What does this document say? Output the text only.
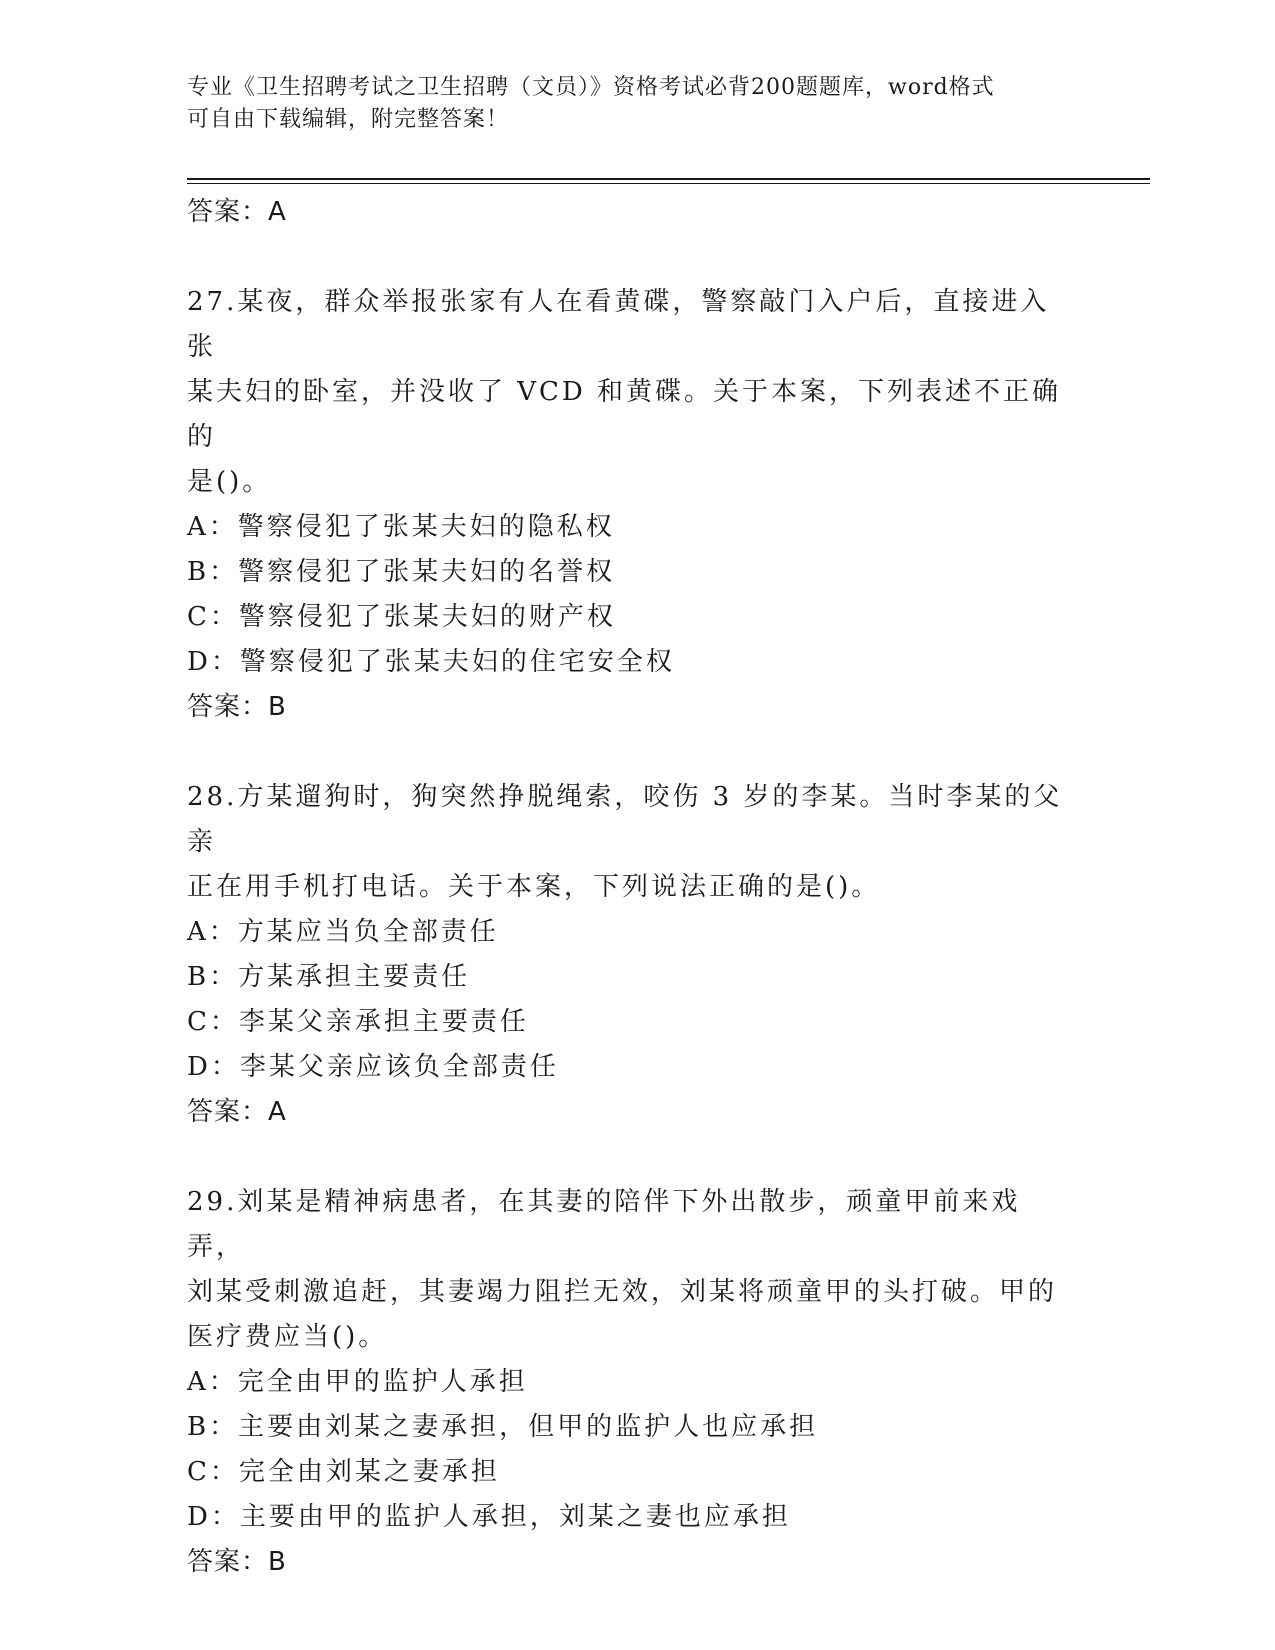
专业《卫生招聘考试之卫生招聘（文员）》资格考试必背200题题库，word格式
可自由下载编辑，附完整答案！
答案：A
27.某夜，群众举报张家有人在看黄碟，警察敲门入户后，直接进入张
某夫妇的卧室，并没收了 VCD 和黄碟。关于本案，下列表述不正确的
是()。
A：警察侵犯了张某夫妇的隐私权
B：警察侵犯了张某夫妇的名誉权
C：警察侵犯了张某夫妇的财产权
D：警察侵犯了张某夫妇的住宅安全权
答案：B
28.方某遛狗时，狗突然挣脱绳索，咬伤 3 岁的李某。当时李某的父亲
正在用手机打电话。关于本案，下列说法正确的是()。
A：方某应当负全部责任
B：方某承担主要责任
C：李某父亲承担主要责任
D：李某父亲应该负全部责任
答案：A
29.刘某是精神病患者，在其妻的陪伴下外出散步，顽童甲前来戏弄，
刘某受刺激追赶，其妻竭力阻拦无效，刘某将顽童甲的头打破。甲的
医疗费应当()。
A：完全由甲的监护人承担
B：主要由刘某之妻承担，但甲的监护人也应承担
C：完全由刘某之妻承担
D：主要由甲的监护人承担，刘某之妻也应承担
答案：B
